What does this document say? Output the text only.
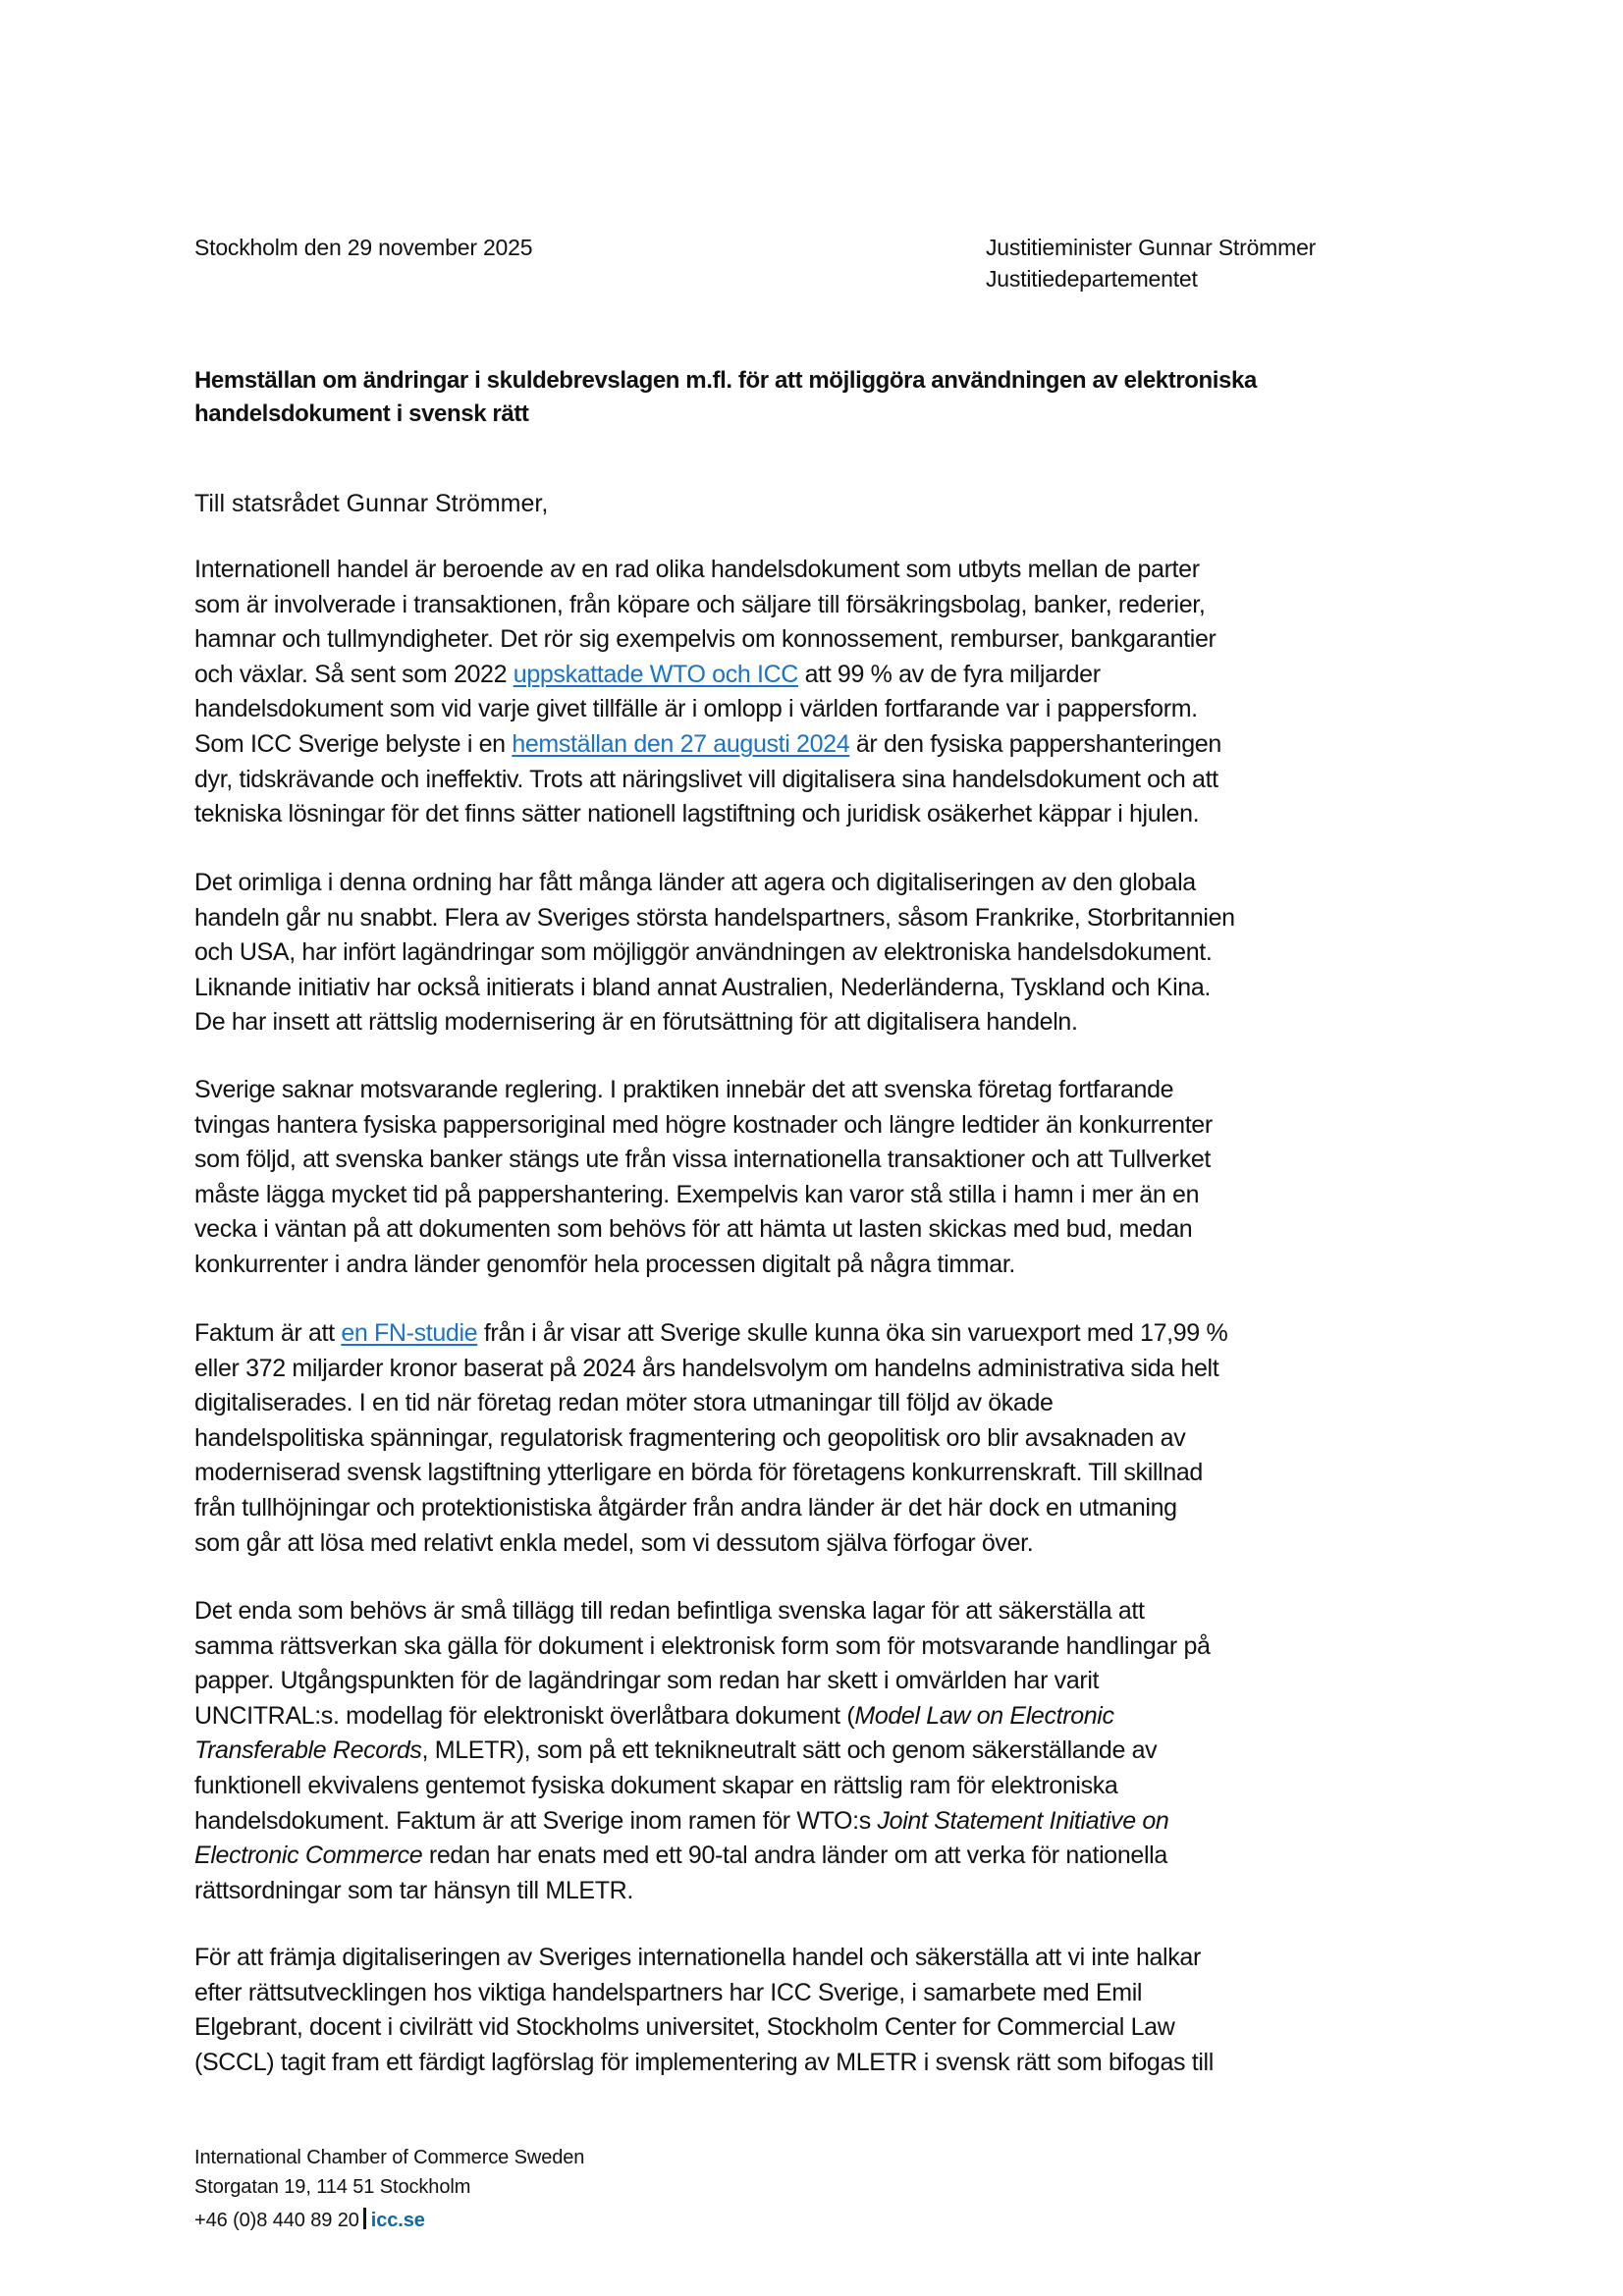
Stockholm den 29 november 2025	Justitieminister Gunnar Strömmer
Justitiedepartementet
Hemställan om ändringar i skuldebrevslagen m.fl. för att möjliggöra användningen av elektroniska
handelsdokument i svensk rätt
Till statsrådet Gunnar Strömmer,
Internationell handel är beroende av en rad olika handelsdokument som utbyts mellan de parter
som är involverade i transaktionen, från köpare och säljare till försäkringsbolag, banker, rederier,
hamnar och tullmyndigheter. Det rör sig exempelvis om konnossement, remburser, bankgarantier
och växlar. Så sent som 2022 uppskattade WTO och ICC att 99 % av de fyra miljarder
handelsdokument som vid varje givet tillfälle är i omlopp i världen fortfarande var i pappersform.
Som ICC Sverige belyste i en hemställan den 27 augusti 2024 är den fysiska pappershanteringen
dyr, tidskrävande och ineffektiv. Trots att näringslivet vill digitalisera sina handelsdokument och att
tekniska lösningar för det finns sätter nationell lagstiftning och juridisk osäkerhet käppar i hjulen.
Det orimliga i denna ordning har fått många länder att agera och digitaliseringen av den globala
handeln går nu snabbt. Flera av Sveriges största handelspartners, såsom Frankrike, Storbritannien
och USA, har infört lagändringar som möjliggör användningen av elektroniska handelsdokument.
Liknande initiativ har också initierats i bland annat Australien, Nederländerna, Tyskland och Kina.
De har insett att rättslig modernisering är en förutsättning för att digitalisera handeln.
Sverige saknar motsvarande reglering. I praktiken innebär det att svenska företag fortfarande
tvingas hantera fysiska pappersoriginal med högre kostnader och längre ledtider än konkurrenter
som följd, att svenska banker stängs ute från vissa internationella transaktioner och att Tullverket
måste lägga mycket tid på pappershantering. Exempelvis kan varor stå stilla i hamn i mer än en
vecka i väntan på att dokumenten som behövs för att hämta ut lasten skickas med bud, medan
konkurrenter i andra länder genomför hela processen digitalt på några timmar.
Faktum är att en FN-studie från i år visar att Sverige skulle kunna öka sin varuexport med 17,99 %
eller 372 miljarder kronor baserat på 2024 års handelsvolym om handelns administrativa sida helt
digitaliserades. I en tid när företag redan möter stora utmaningar till följd av ökade
handelspolitiska spänningar, regulatorisk fragmentering och geopolitisk oro blir avsaknaden av
moderniserad svensk lagstiftning ytterligare en börda för företagens konkurrenskraft. Till skillnad
från tullhöjningar och protektionistiska åtgärder från andra länder är det här dock en utmaning
som går att lösa med relativt enkla medel, som vi dessutom själva förfogar över.
Det enda som behövs är små tillägg till redan befintliga svenska lagar för att säkerställa att
samma rättsverkan ska gälla för dokument i elektronisk form som för motsvarande handlingar på
papper. Utgångspunkten för de lagändringar som redan har skett i omvärlden har varit
UNCITRAL:s. modellag för elektroniskt överlåtbara dokument (Model Law on Electronic
Transferable Records, MLETR), som på ett teknikneutralt sätt och genom säkerställande av
funktionell ekvivalens gentemot fysiska dokument skapar en rättslig ram för elektroniska
handelsdokument. Faktum är att Sverige inom ramen för WTO:s Joint Statement Initiative on
Electronic Commerce redan har enats med ett 90-tal andra länder om att verka för nationella
rättsordningar som tar hänsyn till MLETR.
För att främja digitaliseringen av Sveriges internationella handel och säkerställa att vi inte halkar
efter rättsutvecklingen hos viktiga handelspartners har ICC Sverige, i samarbete med Emil
Elgebrant, docent i civilrätt vid Stockholms universitet, Stockholm Center for Commercial Law
(SCCL) tagit fram ett färdigt lagförslag för implementering av MLETR i svensk rätt som bifogas till
International Chamber of Commerce Sweden
Storgatan 19, 114 51 Stockholm
+46 (0)8 440 89 20 icc.se
